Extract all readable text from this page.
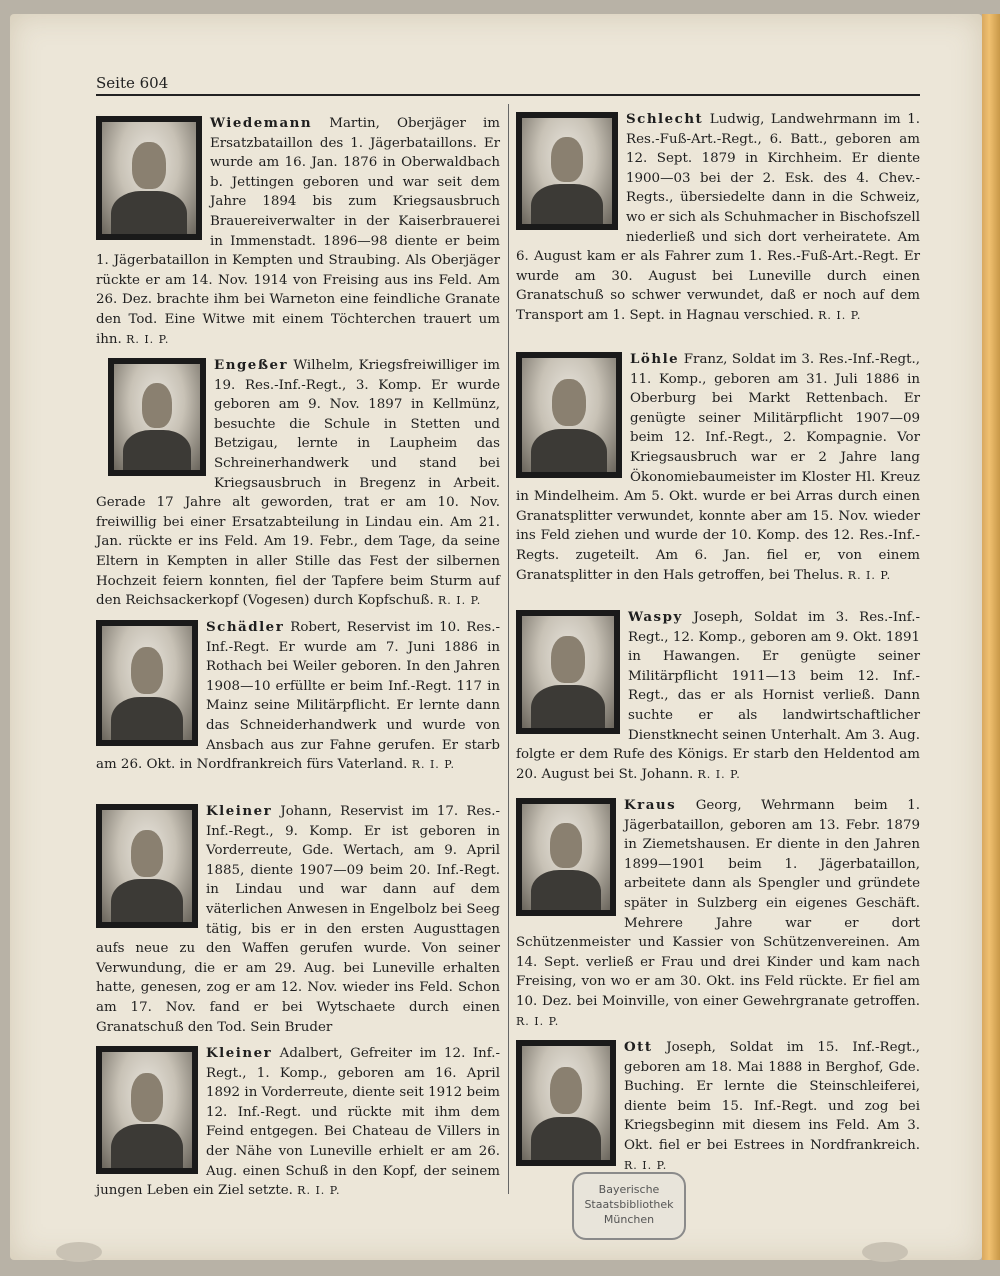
Seite 604
Wiedemann Martin, Oberjäger im Ersatzbataillon des 1. Jägerbataillons. Er wurde am 16. Jan. 1876 in Oberwaldbach b. Jettingen geboren und war seit dem Jahre 1894 bis zum Kriegsausbruch Brauereiverwalter in der Kaiserbrauerei in Immenstadt. 1896—98 diente er beim 1. Jägerbataillon in Kempten und Straubing. Als Oberjäger rückte er am 14. Nov. 1914 von Freising aus ins Feld. Am 26. Dez. brachte ihm bei Warneton eine feindliche Granate den Tod. Eine Witwe mit einem Töchterchen trauert um ihn. R. I. P.
Engeßer Wilhelm, Kriegsfreiwilliger im 19. Res.-Inf.-Regt., 3. Komp. Er wurde geboren am 9. Nov. 1897 in Kellmünz, besuchte die Schule in Stetten und Betzigau, lernte in Laupheim das Schreinerhandwerk und stand bei Kriegsausbruch in Bregenz in Arbeit. Gerade 17 Jahre alt geworden, trat er am 10. Nov. freiwillig bei einer Ersatzabteilung in Lindau ein. Am 21. Jan. rückte er ins Feld. Am 19. Febr., dem Tage, da seine Eltern in Kempten in aller Stille das Fest der silbernen Hochzeit feiern konnten, fiel der Tapfere beim Sturm auf den Reichsackerkopf (Vogesen) durch Kopfschuß. R. I. P.
Schädler Robert, Reservist im 10. Res.-Inf.-Regt. Er wurde am 7. Juni 1886 in Rothach bei Weiler geboren. In den Jahren 1908—10 erfüllte er beim Inf.-Regt. 117 in Mainz seine Militärpflicht. Er lernte dann das Schneiderhandwerk und wurde von Ansbach aus zur Fahne gerufen. Er starb am 26. Okt. in Nordfrankreich fürs Vaterland. R. I. P.
Kleiner Johann, Reservist im 17. Res.-Inf.-Regt., 9. Komp. Er ist geboren in Vorderreute, Gde. Wertach, am 9. April 1885, diente 1907—09 beim 20. Inf.-Regt. in Lindau und war dann auf dem väterlichen Anwesen in Engelbolz bei Seeg tätig, bis er in den ersten Augusttagen aufs neue zu den Waffen gerufen wurde. Von seiner Verwundung, die er am 29. Aug. bei Luneville erhalten hatte, genesen, zog er am 12. Nov. wieder ins Feld. Schon am 17. Nov. fand er bei Wytschaete durch einen Granatschuß den Tod. Sein Bruder
Kleiner Adalbert, Gefreiter im 12. Inf.-Regt., 1. Komp., geboren am 16. April 1892 in Vorderreute, diente seit 1912 beim 12. Inf.-Regt. und rückte mit ihm dem Feind entgegen. Bei Chateau de Villers in der Nähe von Luneville erhielt er am 26. Aug. einen Schuß in den Kopf, der seinem jungen Leben ein Ziel setzte. R. I. P.
Schlecht Ludwig, Landwehrmann im 1. Res.-Fuß-Art.-Regt., 6. Batt., geboren am 12. Sept. 1879 in Kirchheim. Er diente 1900—03 bei der 2. Esk. des 4. Chev.-Regts., übersiedelte dann in die Schweiz, wo er sich als Schuhmacher in Bischofszell niederließ und sich dort verheiratete. Am 6. August kam er als Fahrer zum 1. Res.-Fuß-Art.-Regt. Er wurde am 30. August bei Luneville durch einen Granatschuß so schwer verwundet, daß er noch auf dem Transport am 1. Sept. in Hagnau verschied. R. I. P.
Löhle Franz, Soldat im 3. Res.-Inf.-Regt., 11. Komp., geboren am 31. Juli 1886 in Oberburg bei Markt Rettenbach. Er genügte seiner Militärpflicht 1907—09 beim 12. Inf.-Regt., 2. Kompagnie. Vor Kriegsausbruch war er 2 Jahre lang Ökonomiebaumeister im Kloster Hl. Kreuz in Mindelheim. Am 5. Okt. wurde er bei Arras durch einen Granatsplitter verwundet, konnte aber am 15. Nov. wieder ins Feld ziehen und wurde der 10. Komp. des 12. Res.-Inf.-Regts. zugeteilt. Am 6. Jan. fiel er, von einem Granatsplitter in den Hals getroffen, bei Thelus. R. I. P.
Waspy Joseph, Soldat im 3. Res.-Inf.-Regt., 12. Komp., geboren am 9. Okt. 1891 in Hawangen. Er genügte seiner Militärpflicht 1911—13 beim 12. Inf.-Regt., das er als Hornist verließ. Dann suchte er als landwirtschaftlicher Dienstknecht seinen Unterhalt. Am 3. Aug. folgte er dem Rufe des Königs. Er starb den Heldentod am 20. August bei St. Johann. R. I. P.
Kraus Georg, Wehrmann beim 1. Jägerbataillon, geboren am 13. Febr. 1879 in Ziemetshausen. Er diente in den Jahren 1899—1901 beim 1. Jägerbataillon, arbeitete dann als Spengler und gründete später in Sulzberg ein eigenes Geschäft. Mehrere Jahre war er dort Schützenmeister und Kassier von Schützenvereinen. Am 14. Sept. verließ er Frau und drei Kinder und kam nach Freising, von wo er am 30. Okt. ins Feld rückte. Er fiel am 10. Dez. bei Moinville, von einer Gewehrgranate getroffen. R. I. P.
Ott Joseph, Soldat im 15. Inf.-Regt., geboren am 18. Mai 1888 in Berghof, Gde. Buching. Er lernte die Steinschleiferei, diente beim 15. Inf.-Regt. und zog bei Kriegsbeginn mit diesem ins Feld. Am 3. Okt. fiel er bei Estrees in Nordfrankreich. R. I. P.
Bayerische
Staatsbibliothek
München
